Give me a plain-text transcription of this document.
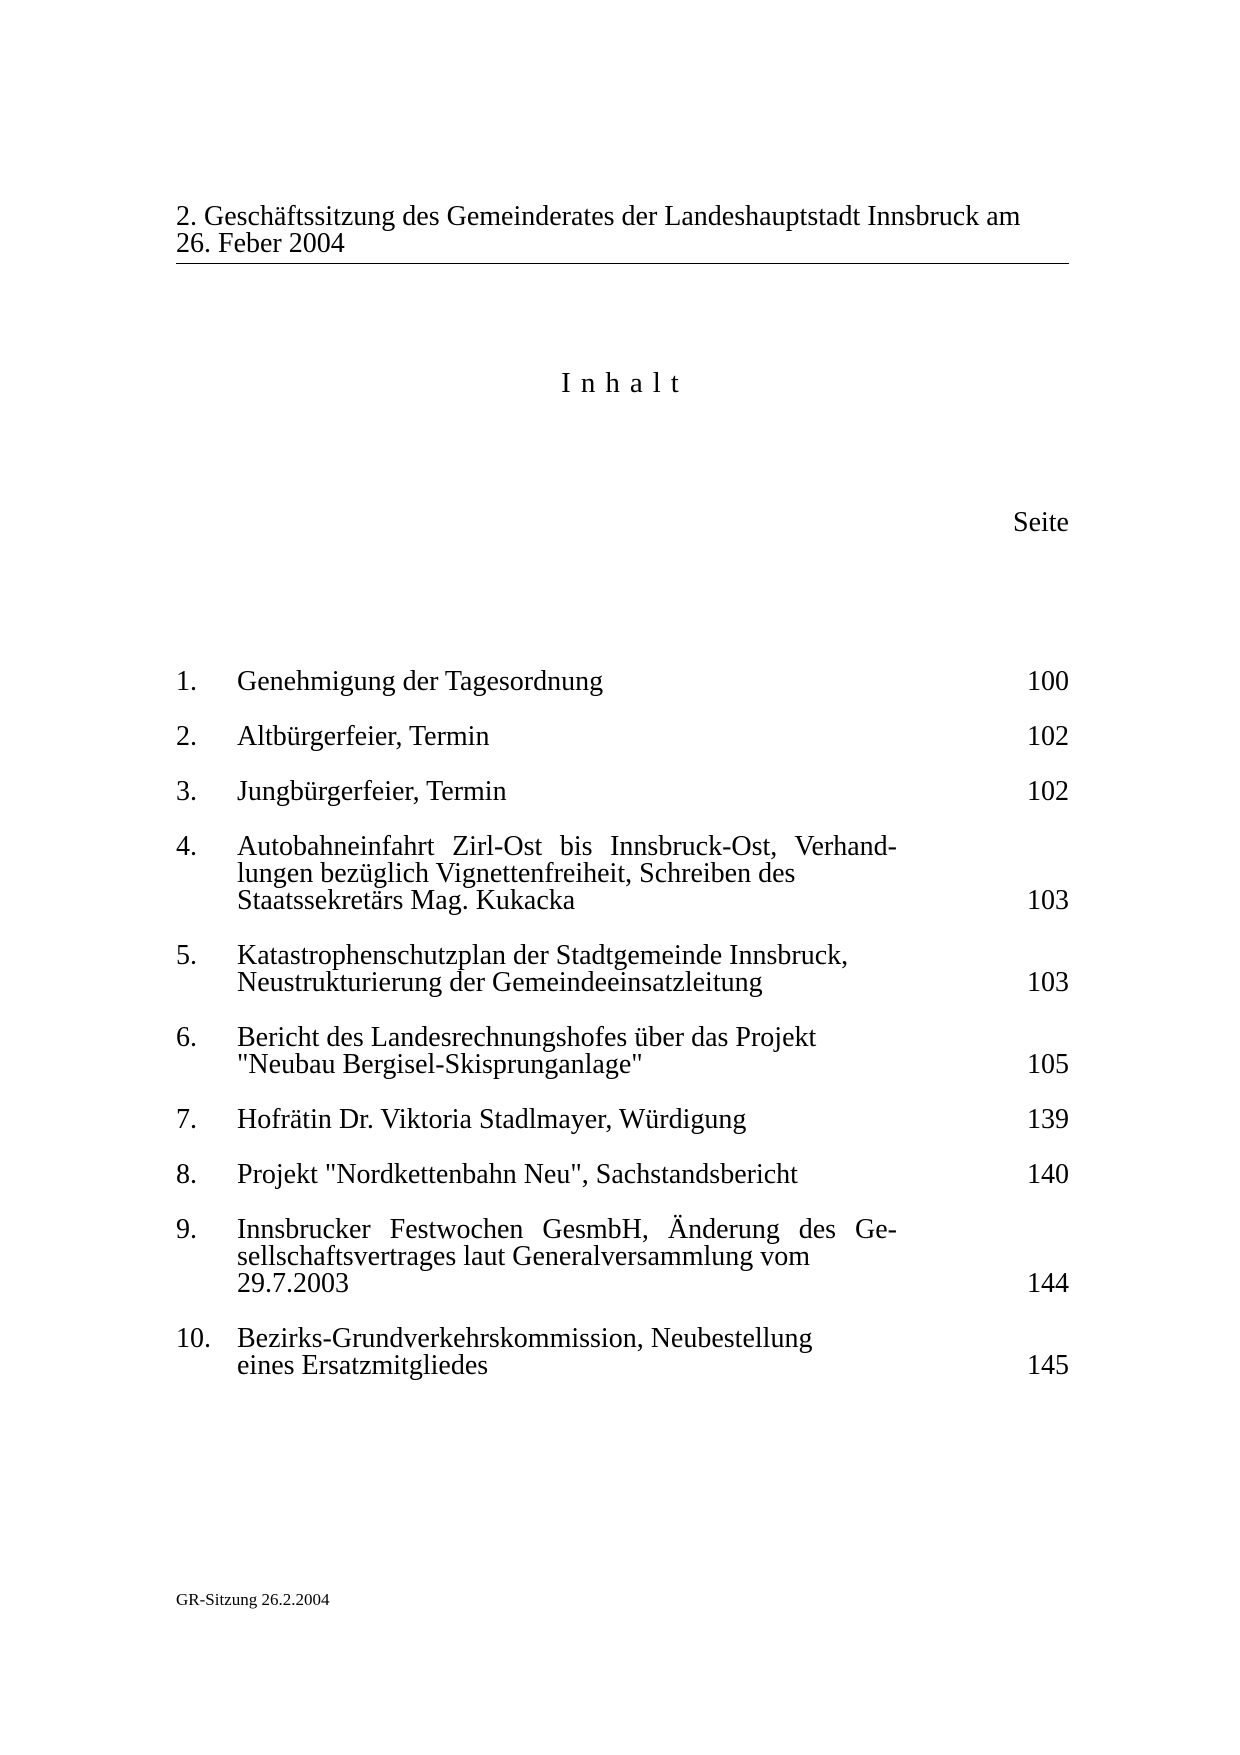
2. Geschäftssitzung des Gemeinderates der Landeshauptstadt Innsbruck am
26. Feber 2004
Inhalt
Seite
1.	Genehmigung der Tagesordnung	100
2.	Altbürgerfeier, Termin	102
3.	Jungbürgerfeier, Termin	102
4.	Autobahneinfahrt Zirl-Ost bis Innsbruck-Ost, Verhand-
lungen bezüglich Vignettenfreiheit, Schreiben des
Staatssekretärs Mag. Kukacka	103
5.	Katastrophenschutzplan der Stadtgemeinde Innsbruck,
Neustrukturierung der Gemeindeeinsatzleitung	103
6.	Bericht des Landesrechnungshofes über das Projekt
"Neubau Bergisel-Skisprunganlage"	105
7.	Hofrätin Dr. Viktoria Stadlmayer, Würdigung	139
8.	Projekt "Nordkettenbahn Neu", Sachstandsbericht	140
9.	Innsbrucker Festwochen GesmbH, Änderung des Ge-
sellschaftsvertrages laut Generalversammlung vom
29.7.2003	144
10. Bezirks-Grundverkehrskommission, Neubestellung
eines Ersatzmitgliedes	145
GR-Sitzung 26.2.2004
